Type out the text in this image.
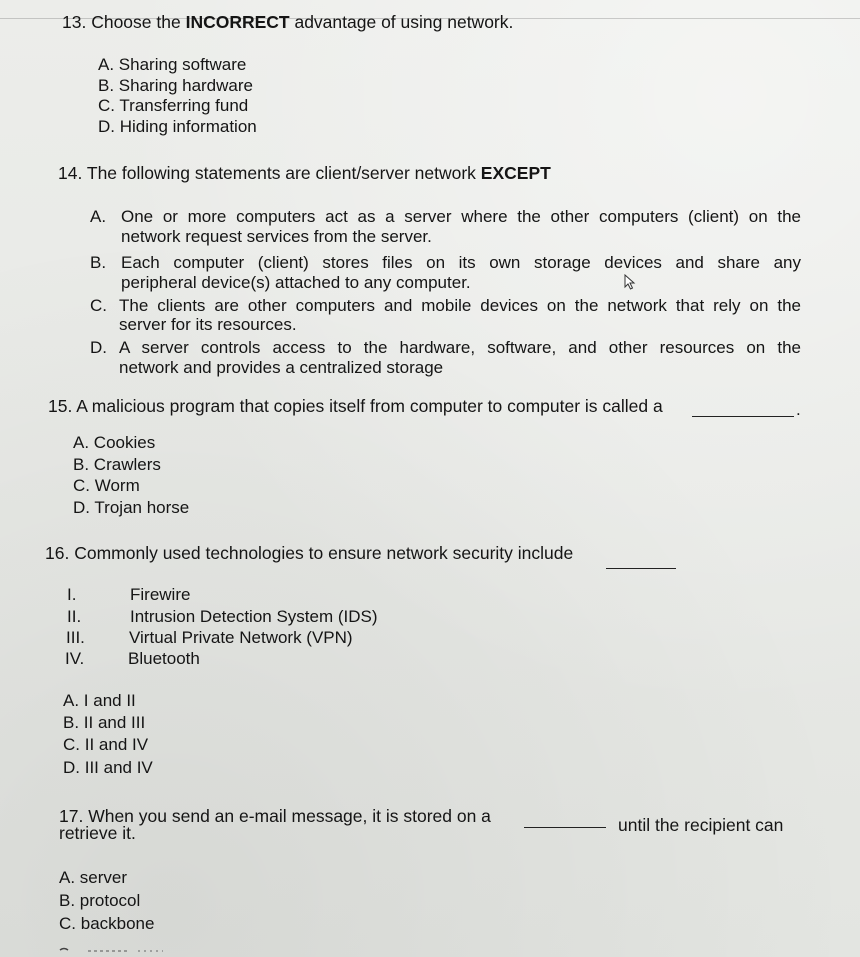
13. Choose the INCORRECT advantage of using network.
A. Sharing software
B. Sharing hardware
C. Transferring fund
D. Hiding information
14. The following statements are client/server network EXCEPT
A. One or more computers act as a server where the other computers (client) on the
network request services from the server.
B. Each computer (client) stores files on its own storage devices and share any
peripheral device(s) attached to any computer.
C. The clients are other computers and mobile devices on the network that rely on the
server for its resources.
D. A server controls access to the hardware, software, and other resources on the
network and provides a centralized storage
15. A malicious program that copies itself from computer to computer is called a	.
A. Cookies
B. Crawlers
C. Worm
D. Trojan horse
16. Commonly used technologies to ensure network security include
I.	Firewire
II.	Intrusion Detection System (IDS)
III.	Virtual Private Network (VPN)
IV.	Bluetooth
A. I and II
B. II and III
C. II and IV
D. III and IV
17. When you send an e-mail message, it is stored on a	until the recipient can
retrieve it.
A. server
B. protocol
C. backbone
